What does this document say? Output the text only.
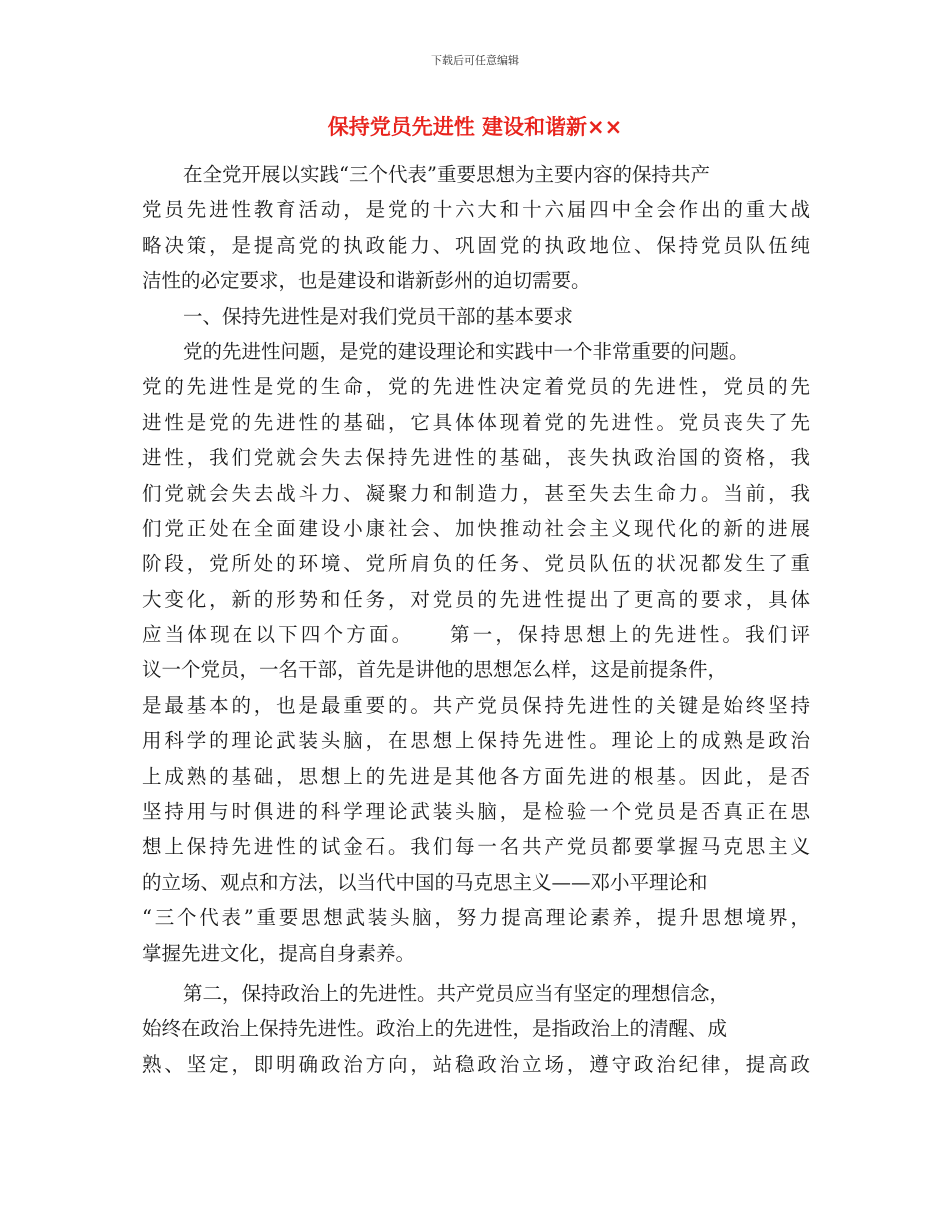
下载后可任意编辑
保持党员先进性 建设和谐新××
在全党开展以实践“三个代表”重要思想为主要内容的保持共产
党员先进性教育活动，是党的十六大和十六届四中全会作出的重大战
略决策，是提高党的执政能力、巩固党的执政地位、保持党员队伍纯
洁性的必定要求，也是建设和谐新彭州的迫切需要。
一、保持先进性是对我们党员干部的基本要求
党的先进性问题，是党的建设理论和实践中一个非常重要的问题。
党的先进性是党的生命，党的先进性决定着党员的先进性，党员的先
进性是党的先进性的基础，它具体体现着党的先进性。党员丧失了先
进性，我们党就会失去保持先进性的基础，丧失执政治国的资格，我
们党就会失去战斗力、凝聚力和制造力，甚至失去生命力。当前，我
们党正处在全面建设小康社会、加快推动社会主义现代化的新的进展
阶段，党所处的环境、党所肩负的任务、党员队伍的状况都发生了重
大变化，新的形势和任务，对党员的先进性提出了更高的要求，具体
应当体现在以下四个方面。　　第一，保持思想上的先进性。我们评
议一个党员，一名干部，首先是讲他的思想怎么样，这是前提条件，
是最基本的，也是最重要的。共产党员保持先进性的关键是始终坚持
用科学的理论武装头脑，在思想上保持先进性。理论上的成熟是政治
上成熟的基础，思想上的先进是其他各方面先进的根基。因此，是否
坚持用与时俱进的科学理论武装头脑，是检验一个党员是否真正在思
想上保持先进性的试金石。我们每一名共产党员都要掌握马克思主义
的立场、观点和方法，以当代中国的马克思主义——邓小平理论和
“三个代表”重要思想武装头脑，努力提高理论素养，提升思想境界，
掌握先进文化，提高自身素养。
第二，保持政治上的先进性。共产党员应当有坚定的理想信念，
始终在政治上保持先进性。政治上的先进性，是指政治上的清醒、成
熟、坚定，即明确政治方向，站稳政治立场，遵守政治纪律，提高政
